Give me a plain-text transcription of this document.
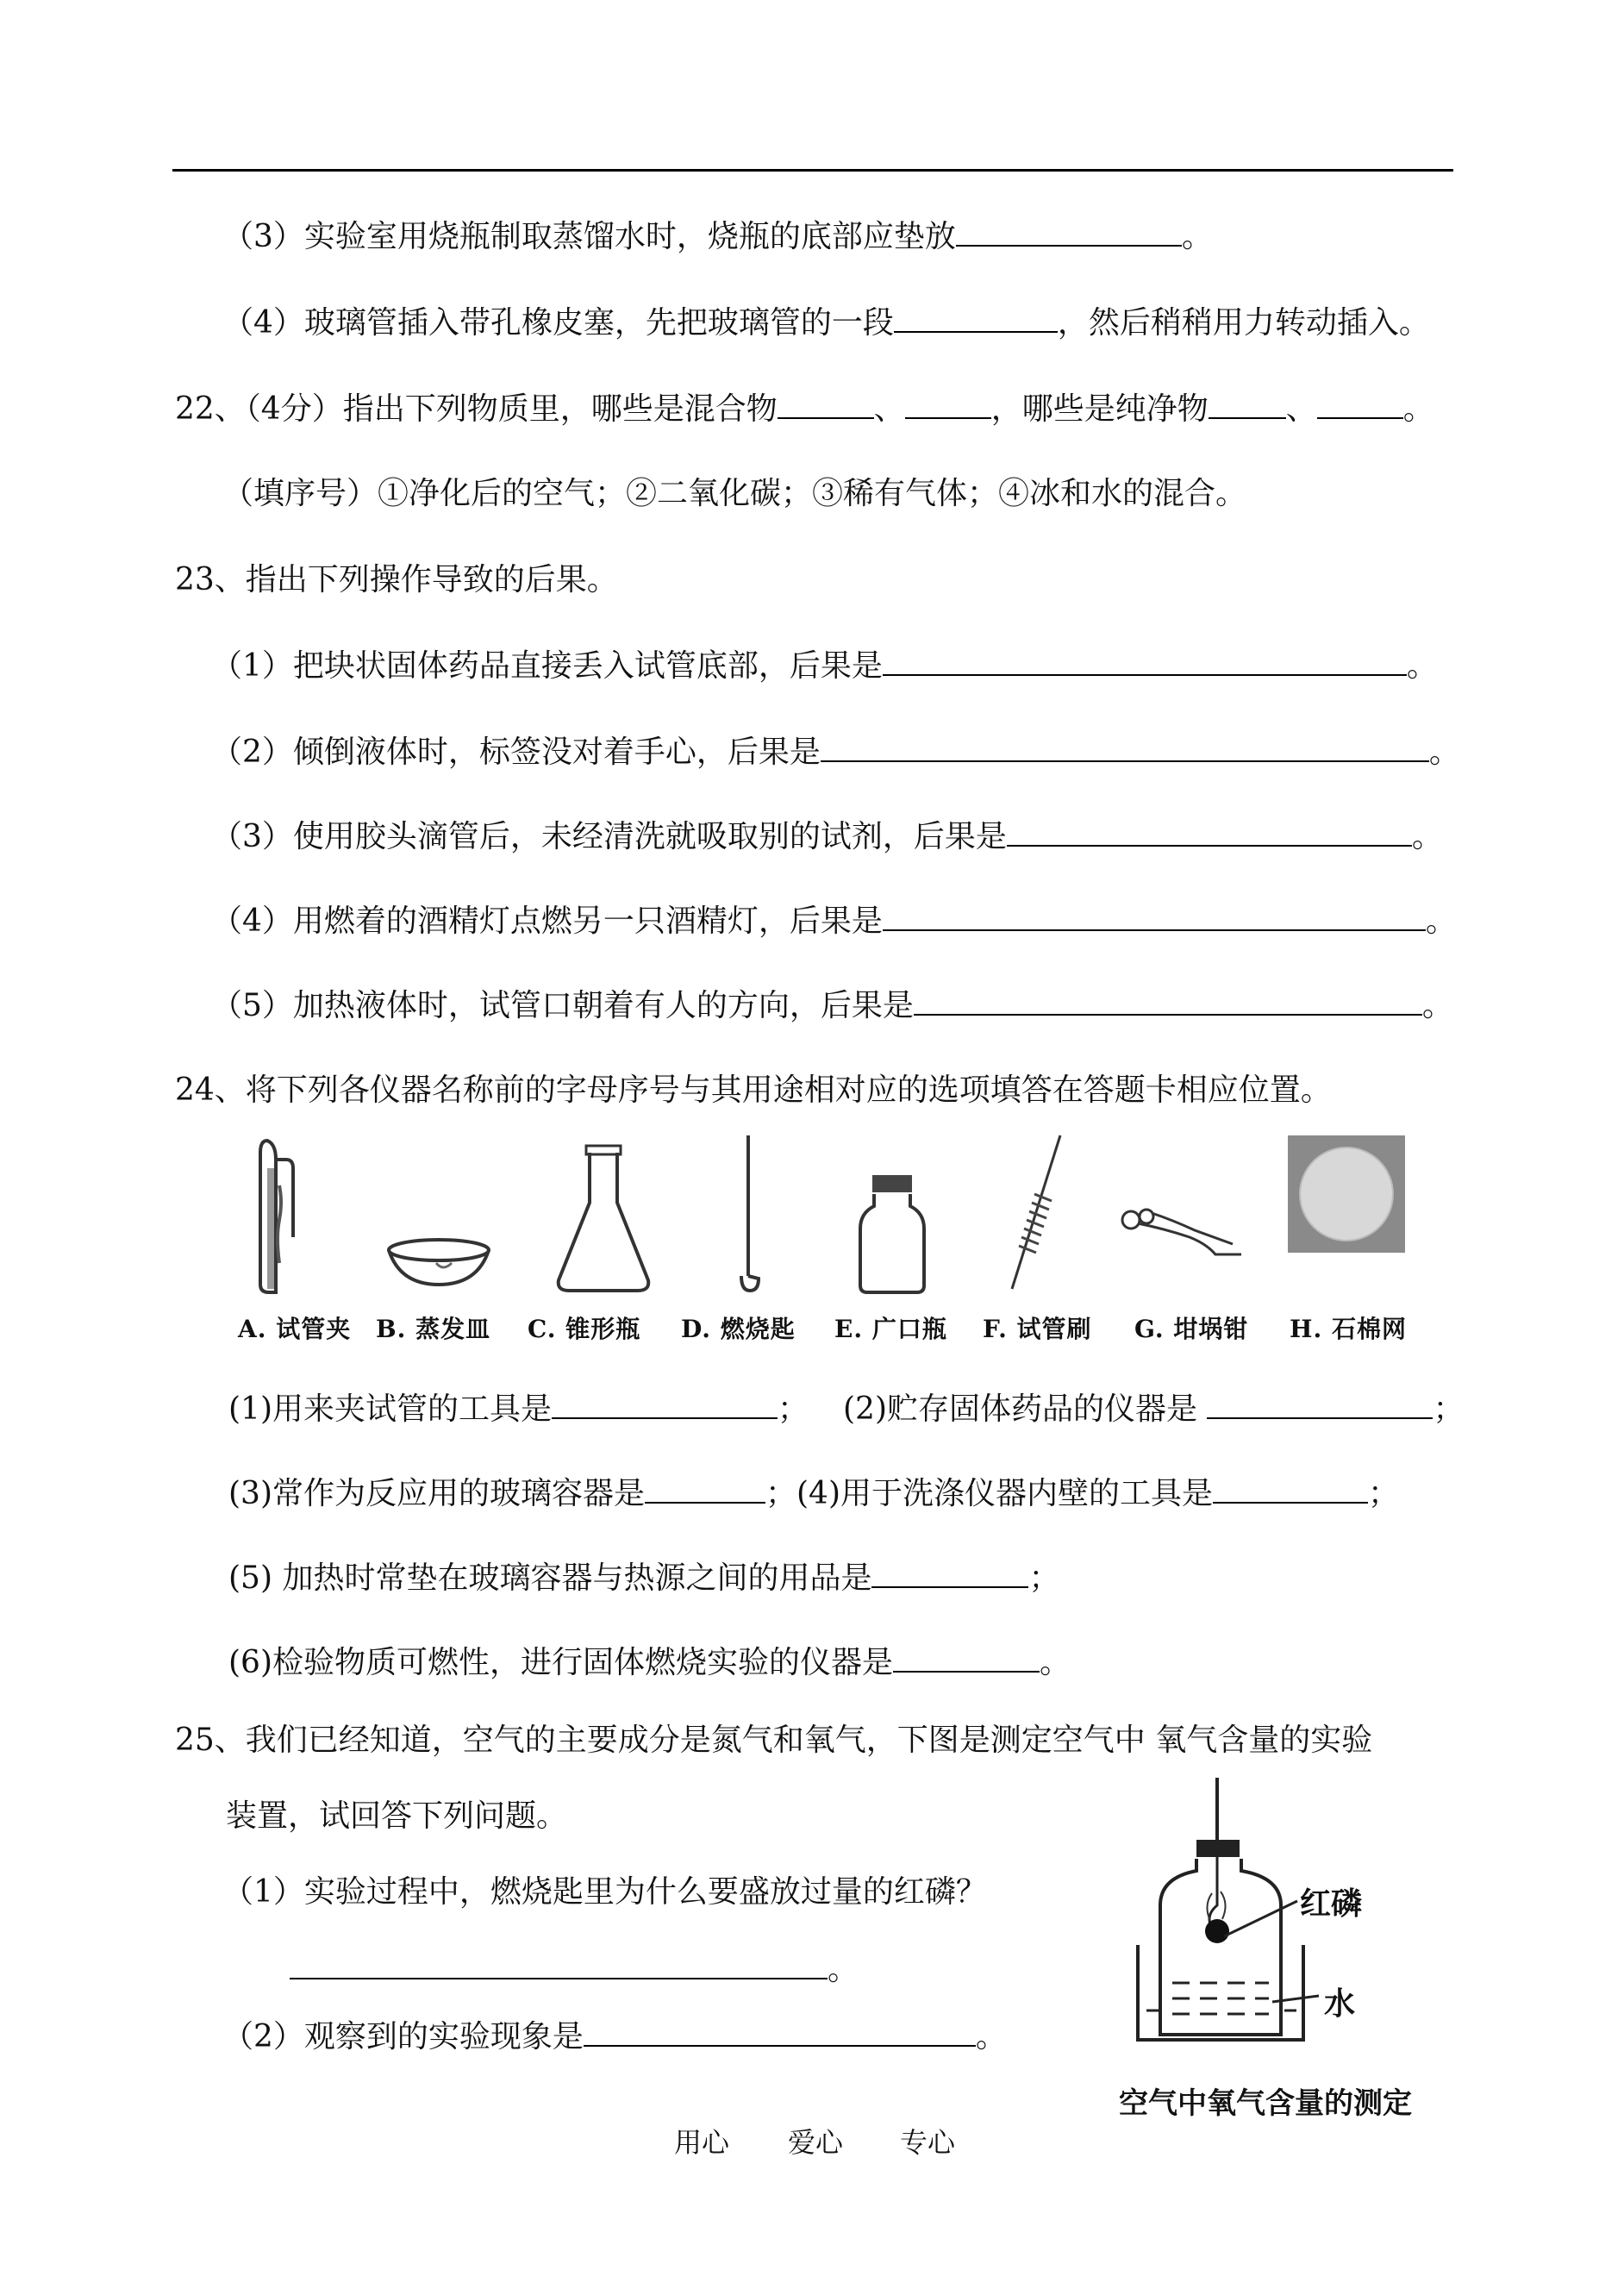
（3）实验室用烧瓶制取蒸馏水时，烧瓶的底部应垫放	。
（4）玻璃管插入带孔橡皮塞，先把玻璃管的一段	，然后稍稍用力转动插入。
22、（4分）指出下列物质里，哪些是混合物	、	，哪些是纯净物	、	。
（填序号）①净化后的空气；②二氧化碳；③稀有气体；④冰和水的混合。
23、指出下列操作导致的后果。
（1）把块状固体药品直接丢入试管底部，后果是	。
（2）倾倒液体时，标签没对着手心，后果是	。
（3）使用胶头滴管后，未经清洗就吸取别的试剂，后果是	。
（4）用燃着的酒精灯点燃另一只酒精灯，后果是	。
（5）加热液体时，试管口朝着有人的方向，后果是	。
24、将下列各仪器名称前的字母序号与其用途相对应的选项填答在答题卡相应位置。
A. 试管夹 B. 蒸发皿 C. 锥形瓶 D. 燃烧匙 E. 广口瓶 F. 试管刷 G. 坩埚钳 H. 石棉网
(1)用来夹试管的工具是	； (2)贮存固体药品的仪器是	；
(3)常作为反应用的玻璃容器是	；(4)用于洗涤仪器内壁的工具是	；
(5) 加热时常垫在玻璃容器与热源之间的用品是	；
(6)检验物质可燃性，进行固体燃烧实验的仪器是	。
25、我们已经知道，空气的主要成分是氮气和氧气，下图是测定空气中 氧气含量的实验
装置，试回答下列问题。
（1）实验过程中，燃烧匙里为什么要盛放过量的红磷？
。
（2）观察到的实验现象是	。
红磷
水
空气中氧气含量的测定
用心 爱心 专心
